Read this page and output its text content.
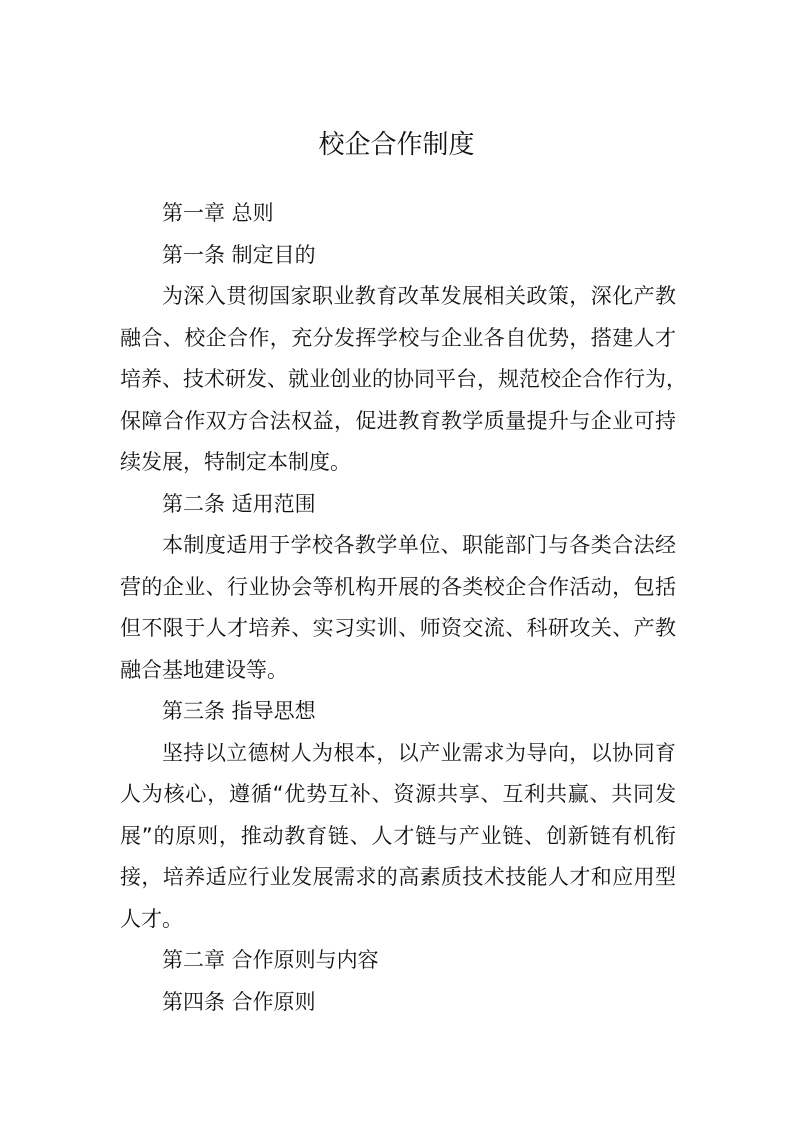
校企合作制度
第一章 总则
第一条 制定目的
为深入贯彻国家职业教育改革发展相关政策，深化产教
融合、校企合作，充分发挥学校与企业各自优势，搭建人才
培养、技术研发、就业创业的协同平台，规范校企合作行为，
保障合作双方合法权益，促进教育教学质量提升与企业可持
续发展，特制定本制度。
第二条 适用范围
本制度适用于学校各教学单位、职能部门与各类合法经
营的企业、行业协会等机构开展的各类校企合作活动，包括
但不限于人才培养、实习实训、师资交流、科研攻关、产教
融合基地建设等。
第三条 指导思想
坚持以立德树人为根本，以产业需求为导向，以协同育
人为核心，遵循“优势互补、资源共享、互利共赢、共同发
展”的原则，推动教育链、人才链与产业链、创新链有机衔
接，培养适应行业发展需求的高素质技术技能人才和应用型
人才。
第二章 合作原则与内容
第四条 合作原则
